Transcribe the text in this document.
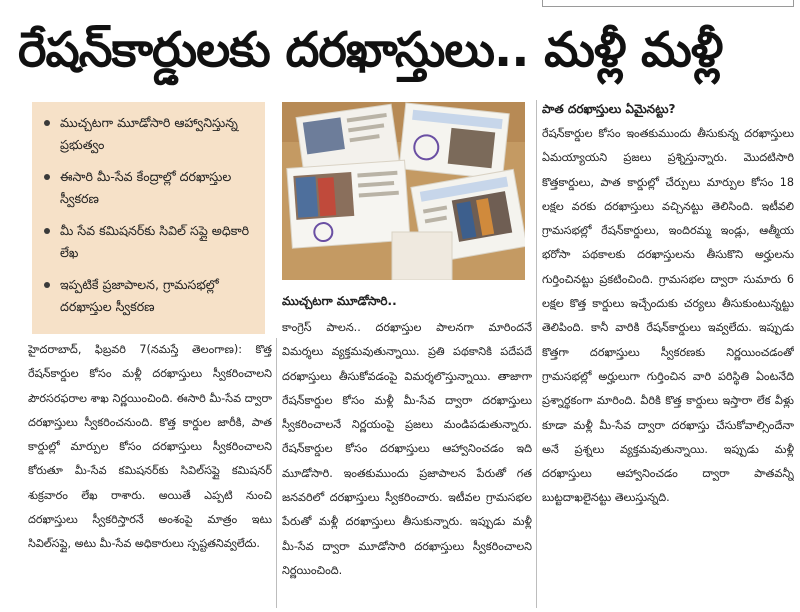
రేషన్‌కార్డులకు దరఖాస్తులు.. మళ్లీ మళ్లీ
ముచ్చటగా మూడోసారి ఆహ్వానిస్తున్న ప్రభుత్వం
ఈసారి మీ-సేవ కేంద్రాల్లో దరఖాస్తుల స్వీకరణ
మీ సేవ కమిషనర్‌కు సివిల్ సప్లై అధికారి లేఖ
ఇప్పటికే ప్రజాపాలన, గ్రామసభల్లో దరఖాస్తుల స్వీకరణ

హైదరాబాద్, ఫిబ్రవరి 7(నమస్తే తెలంగాణ): కొత్త రేషన్‌కార్డుల కోసం మళ్లీ దరఖాస్తులు స్వీకరించాలని పౌరసరఫరాల శాఖ నిర్ణయించింది. ఈసారి మీ-సేవ ద్వారా దరఖాస్తులు స్వీకరించనుంది. కొత్త కార్డుల జారీకి, పాత కార్డుల్లో మార్పుల కోసం దరఖాస్తులు స్వీకరించాలని కోరుతూ మీ-సేవ కమిషనర్‌కు సివిల్‌సప్లై కమిషనర్ శుక్రవారం లేఖ రాశారు. అయితే ఎప్పటి నుంచి దరఖాస్తులు స్వీకరిస్తారనే అంశంపై మాత్రం ఇటు సివిల్‌సప్లై, అటు మీ-సేవ అధికారులు స్పష్టతనివ్వలేదు.

ముచ్చటగా మూడోసారి..

కాంగ్రెస్ పాలన.. దరఖాస్తుల పాలనగా మారిందనే విమర్శలు వ్యక్తమవుతున్నాయి. ప్రతి పథకానికి పదేపదే దరఖాస్తులు తీసుకోవడంపై విమర్శలొస్తున్నాయి. తాజాగా రేషన్‌కార్డుల కోసం మళ్లీ మీ-సేవ ద్వారా దరఖాస్తులు స్వీకరించాలనే నిర్ణయంపై ప్రజలు మండిపడుతున్నారు. రేషన్‌కార్డుల కోసం దరఖాస్తులు ఆహ్వానించడం ఇది మూడోసారి. ఇంతకుముందు ప్రజాపాలన పేరుతో గత జనవరిలో దరఖాస్తులు స్వీకరించారు. ఇటీవల గ్రామసభల పేరుతో మళ్లీ దరఖాస్తులు తీసుకున్నారు. ఇప్పుడు మళ్లీ మీ-సేవ ద్వారా మూడోసారి దరఖాస్తులు స్వీకరించాలని నిర్ణయించింది.

పాత దరఖాస్తులు ఏమైనట్టు?

రేషన్‌కార్డుల కోసం ఇంతకుముందు తీసుకున్న దరఖాస్తులు ఏమయ్యాయని ప్రజలు ప్రశ్నిస్తున్నారు. మొదటిసారి కొత్తకార్డులు, పాత కార్డుల్లో చేర్పులు మార్పుల కోసం 18 లక్షల వరకు దరఖాస్తులు వచ్చినట్టు తెలిసింది. ఇటీవలి గ్రామసభల్లో రేషన్‌కార్డులు, ఇందిరమ్మ ఇండ్లు, ఆత్మీయ భరోసా పథకాలకు దరఖాస్తులను తీసుకొని అర్హులను గుర్తించినట్టు ప్రకటించింది. గ్రామసభల ద్వారా సుమారు 6 లక్షల కొత్త కార్డులు ఇచ్చేందుకు చర్యలు తీసుకుంటున్నట్టు తెలిపింది. కానీ వారికి రేషన్‌కార్డులు ఇవ్వలేదు. ఇప్పుడు కొత్తగా దరఖాస్తులు స్వీకరణకు నిర్ణయించడంతో గ్రామసభల్లో అర్హులుగా గుర్తించిన వారి పరిస్థితి ఏంటనేది ప్రశ్నార్థకంగా మారింది. వీరికి కొత్త కార్డులు ఇస్తారా లేక వీళ్లు కూడా మళ్లీ మీ-సేవ ద్వారా దరఖాస్తు చేసుకోవాల్సిందేనా అనే ప్రశ్నలు వ్యక్తమవుతున్నాయి. ఇప్పుడు మళ్లీ దరఖాస్తులు ఆహ్వానించడం ద్వారా పాతవన్నీ బుట్టదాఖలైనట్టు తెలుస్తున్నది.
